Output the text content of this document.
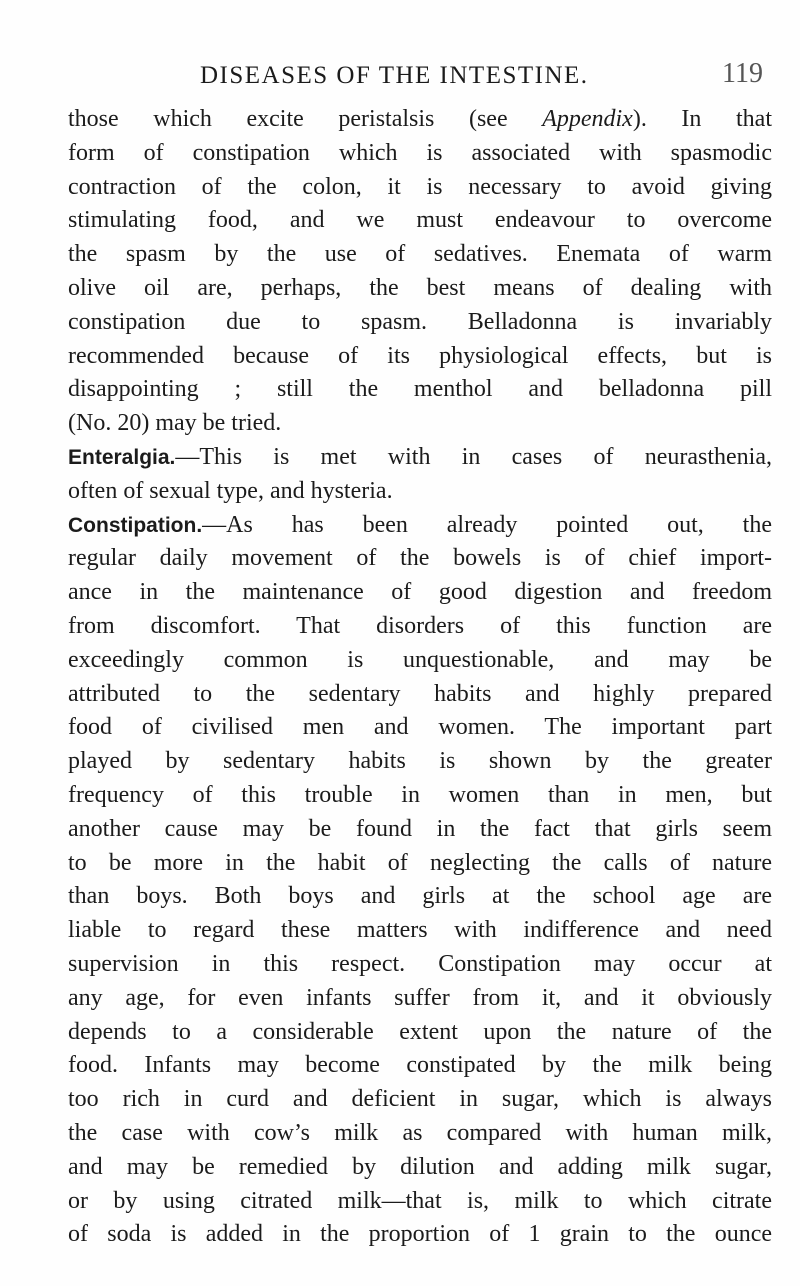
DISEASES OF THE INTESTINE.	119
those which excite peristalsis (see Appendix). In that
form of constipation which is associated with spasmodic
contraction of the colon, it is necessary to avoid giving
stimulating food, and we must endeavour to overcome
the spasm by the use of sedatives. Enemata of warm
olive oil are, perhaps, the best means of dealing with
constipation due to spasm. Belladonna is invariably
recommended because of its physiological effects, but is
disappointing ; still the menthol and belladonna pill
(No. 20) may be tried.
Enteralgia.—This is met with in cases of neurasthenia,
often of sexual type, and hysteria.
Constipation.—As has been already pointed out, the
regular daily movement of the bowels is of chief import-
ance in the maintenance of good digestion and freedom
from discomfort. That disorders of this function are
exceedingly common is unquestionable, and may be
attributed to the sedentary habits and highly prepared
food of civilised men and women. The important part
played by sedentary habits is shown by the greater
frequency of this trouble in women than in men, but
another cause may be found in the fact that girls seem
to be more in the habit of neglecting the calls of nature
than boys. Both boys and girls at the school age are
liable to regard these matters with indifference and need
supervision in this respect. Constipation may occur at
any age, for even infants suffer from it, and it obviously
depends to a considerable extent upon the nature of the
food. Infants may become constipated by the milk being
too rich in curd and deficient in sugar, which is always
the case with cow’s milk as compared with human milk,
and may be remedied by dilution and adding milk sugar,
or by using citrated milk—that is, milk to which citrate
of soda is added in the proportion of 1 grain to the ounce
